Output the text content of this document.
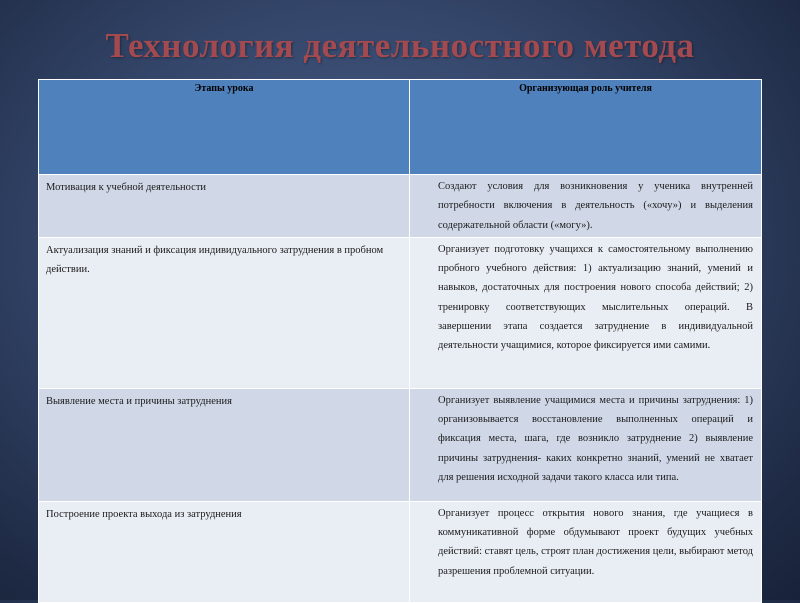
Технология деятельностного метода
Этапы урока	Организующая роль учителя
Мотивация к учебной деятельности	Создают условия для возникновения у ученика внутренней потребности включения в деятельность («хочу») и выделения содержательной области («могу»).
Актуализация знаний и фиксация индивидуального затруднения в пробном действии.	Организует подготовку учащихся к самостоятельному выполнению пробного учебного действия: 1) актуализацию знаний, умений и навыков, достаточных для построения нового способа действий; 2) тренировку соответствующих мыслительных операций. В завершении этапа создается затруднение в индивидуальной деятельности учащимися, которое фиксируется ими самими.
Выявление места и причины затруднения	Организует выявление учащимися места и причины затруднения: 1) организовывается восстановление выполненных операций и фиксация места, шага, где возникло затруднение 2) выявление причины затруднения- каких конкретно знаний, умений не хватает для решения исходной задачи такого класса или типа.
Построение проекта выхода из затруднения	Организует процесс открытия нового знания, где учащиеся в коммуникативной форме обдумывают проект будущих учебных действий: ставят цель, строят план достижения цели, выбирают метод разрешения проблемной ситуации.
